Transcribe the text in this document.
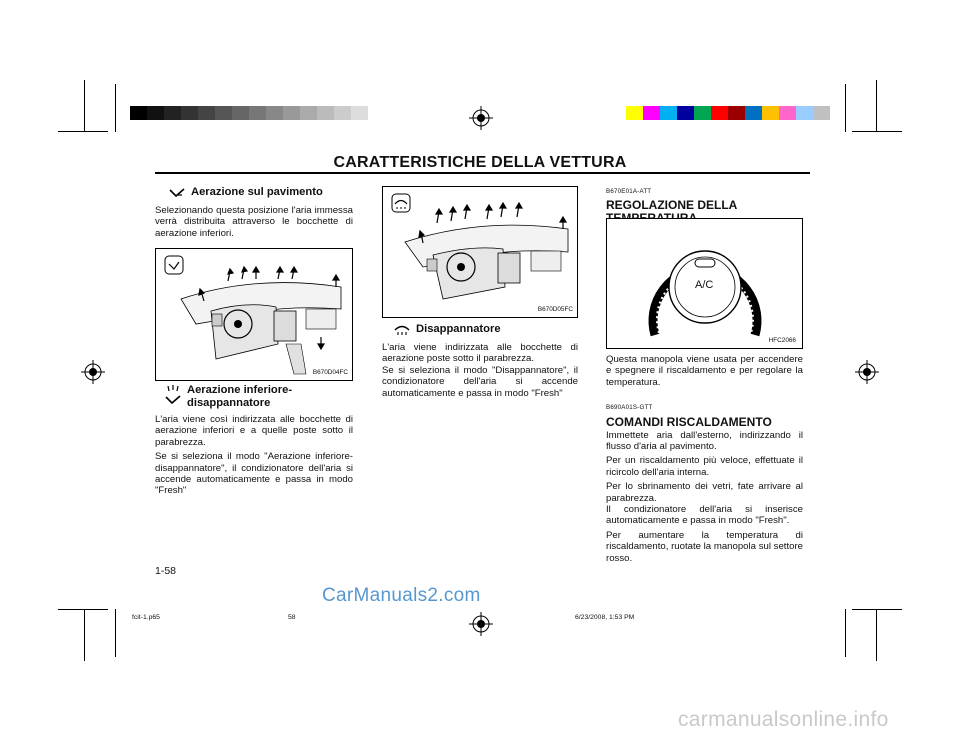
CARATTERISTICHE DELLA VETTURA
Aerazione sul pavimento

Selezionando questa posizione l'aria immessa verrà distribuita attraverso le bocchette di aerazione inferiori.

B670D04FC
Aerazione inferiore-
disappannatore

L'aria viene così indirizzata alle bocchette di aerazione inferiori e a quelle poste sotto il parabrezza.

Se si seleziona il modo "Aerazione inferiore-disappannatore", il condizionatore dell'aria si accende automaticamente e passa in modo "Fresh"

B670D05FC
Disappannatore

L'aria viene indirizzata alle bocchette di aerazione poste sotto il parabrezza.

Se si seleziona il modo "Disappannatore", il condizionatore dell'aria si accende automaticamente e passa in modo "Fresh"

B670E01A-ATT
REGOLAZIONE DELLA
A/C
HFC2066

Questa manopola viene usata per accendere e spegnere il riscaldamento e per regolare la temperatura.

B690A01S-GTT
COMANDI RISCALDAMENTO

Immettete aria dall'esterno, indirizzando il flusso d'aria al pavimento.

Per un riscaldamento più veloce, effettuate il ricircolo dell'aria interna.

Per lo sbrinamento dei vetri, fate arrivare al parabrezza.

Il condizionatore dell'aria si inserisce automaticamente e passa in modo "Fresh".

Per aumentare la temperatura di riscaldamento, ruotate la manopola sul settore rosso.

1-58
fcit-1.p65	58	6/23/2008, 1:53 PM
CarManuals2.com
carmanualsonline.info
